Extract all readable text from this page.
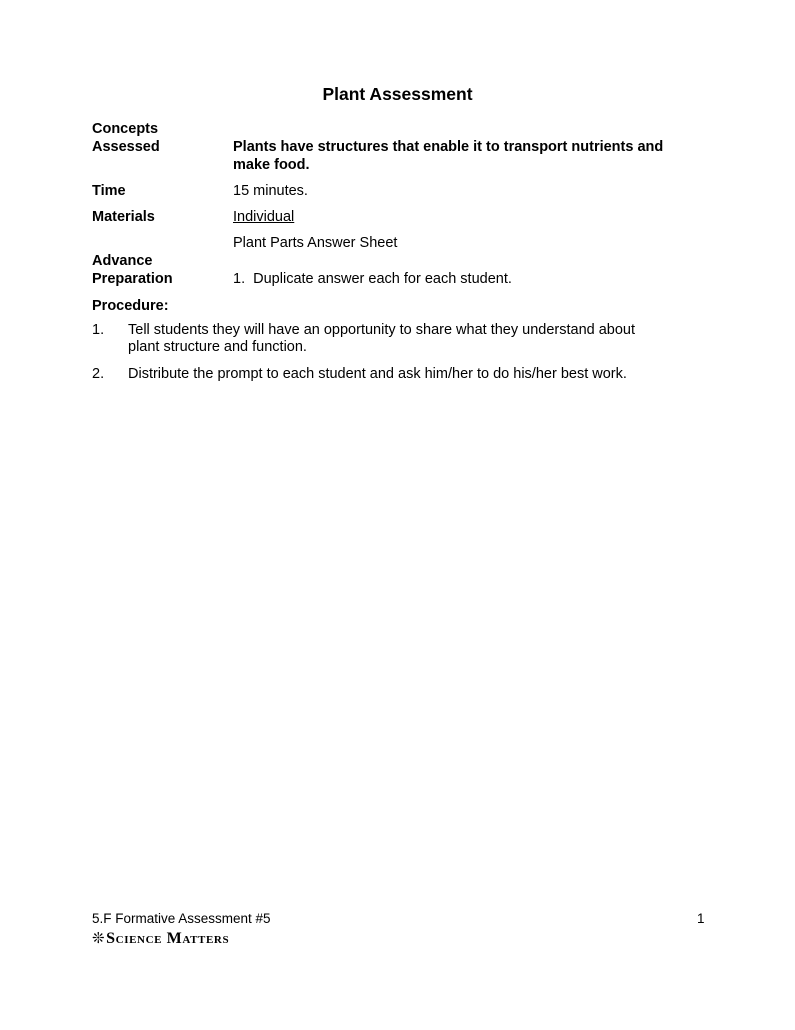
Plant Assessment
Concepts
Assessed	Plants have structures that enable it to transport nutrients and
make food.
Time	15 minutes.
Materials	Individual
Plant Parts Answer Sheet
Advance
Preparation	1.  Duplicate answer each for each student.
Procedure:
1. Tell students they will have an opportunity to share what they understand about
plant structure and function.
2. Distribute the prompt to each student and ask him/her to do his/her best work.
5.F Formative Assessment #5	1
❊Science Matters
